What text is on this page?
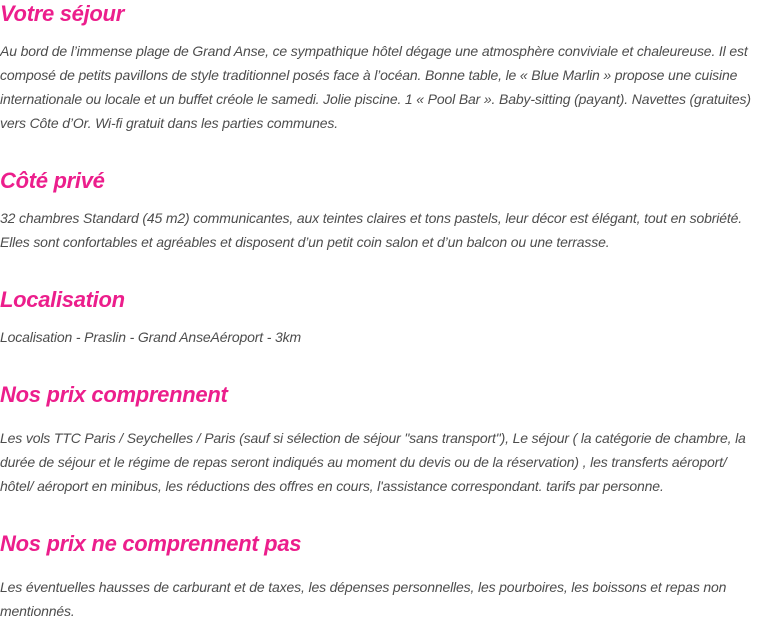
Votre séjour

Au bord de l’immense plage de Grand Anse, ce sympathique hôtel dégage une atmosphère conviviale et chaleureuse. Il est composé de petits pavillons de style traditionnel posés face à l’océan. Bonne table, le « Blue Marlin » propose une cuisine internationale ou locale et un buffet créole le samedi. Jolie piscine. 1 « Pool Bar ». Baby-sitting (payant). Navettes (gratuites) vers Côte d’Or. Wi-fi gratuit dans les parties communes.

Côté privé

32 chambres Standard (45 m2) communicantes, aux teintes claires et tons pastels, leur décor est élégant, tout en sobriété. Elles sont confortables et agréables et disposent d’un petit coin salon et d’un balcon ou une terrasse.

Localisation

Localisation - Praslin - Grand AnseAéroport - 3km

Nos prix comprennent

Les vols TTC Paris / Seychelles / Paris (sauf si sélection de séjour "sans transport"), Le séjour ( la catégorie de chambre, la durée de séjour et le régime de repas seront indiqués au moment du devis ou de la réservation) , les transferts aéroport/ hôtel/ aéroport en minibus, les réductions des offres en cours, l'assistance correspondant. tarifs par personne.

Nos prix ne comprennent pas

Les éventuelles hausses de carburant et de taxes, les dépenses personnelles, les pourboires, les boissons et repas non mentionnés.
